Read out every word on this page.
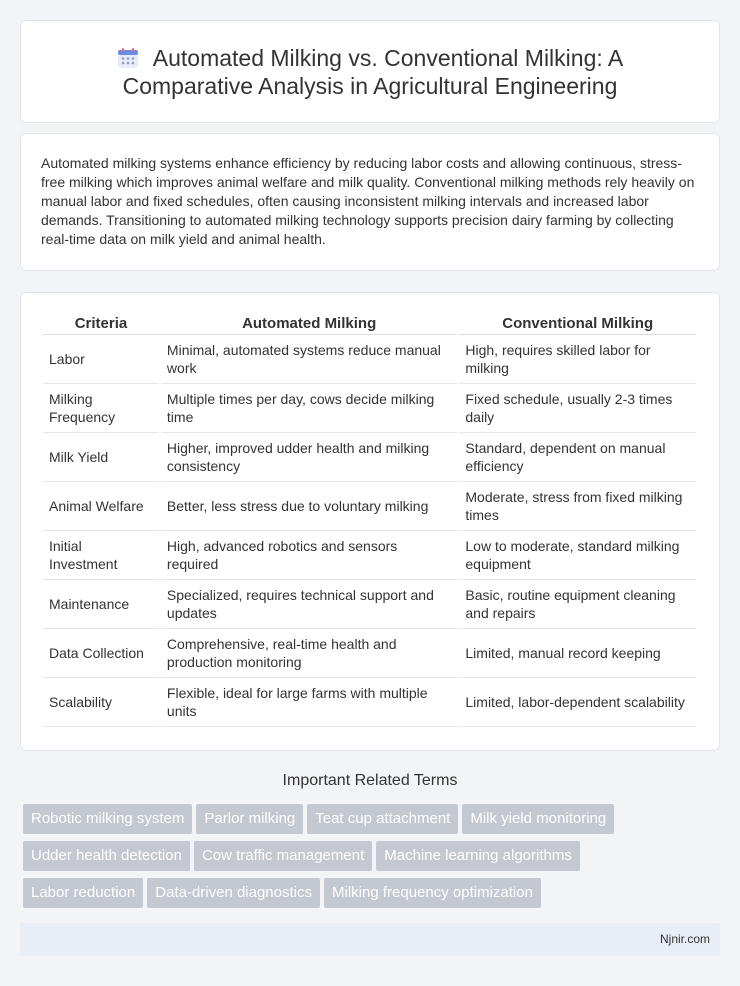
Automated Milking vs. Conventional Milking: A Comparative Analysis in Agricultural Engineering

Automated milking systems enhance efficiency by reducing labor costs and allowing continuous, stress-free milking which improves animal welfare and milk quality. Conventional milking methods rely heavily on manual labor and fixed schedules, often causing inconsistent milking intervals and increased labor demands. Transitioning to automated milking technology supports precision dairy farming by collecting real-time data on milk yield and animal health.

Criteria	Automated Milking	Conventional Milking
Labor	Minimal, automated systems reduce manual work	High, requires skilled labor for milking
Milking Frequency	Multiple times per day, cows decide milking time	Fixed schedule, usually 2-3 times daily
Milk Yield	Higher, improved udder health and milking consistency	Standard, dependent on manual efficiency
Animal Welfare	Better, less stress due to voluntary milking	Moderate, stress from fixed milking times
Initial Investment	High, advanced robotics and sensors required	Low to moderate, standard milking equipment
Maintenance	Specialized, requires technical support and updates	Basic, routine equipment cleaning and repairs
Data Collection	Comprehensive, real-time health and production monitoring	Limited, manual record keeping
Scalability	Flexible, ideal for large farms with multiple units	Limited, labor-dependent scalability
Important Related Terms
Robotic milking system Parlor milking Teat cup attachment Milk yield monitoring
Udder health detection Cow traffic management Machine learning algorithms
Labor reduction Data-driven diagnostics Milking frequency optimization
Njnir.com
